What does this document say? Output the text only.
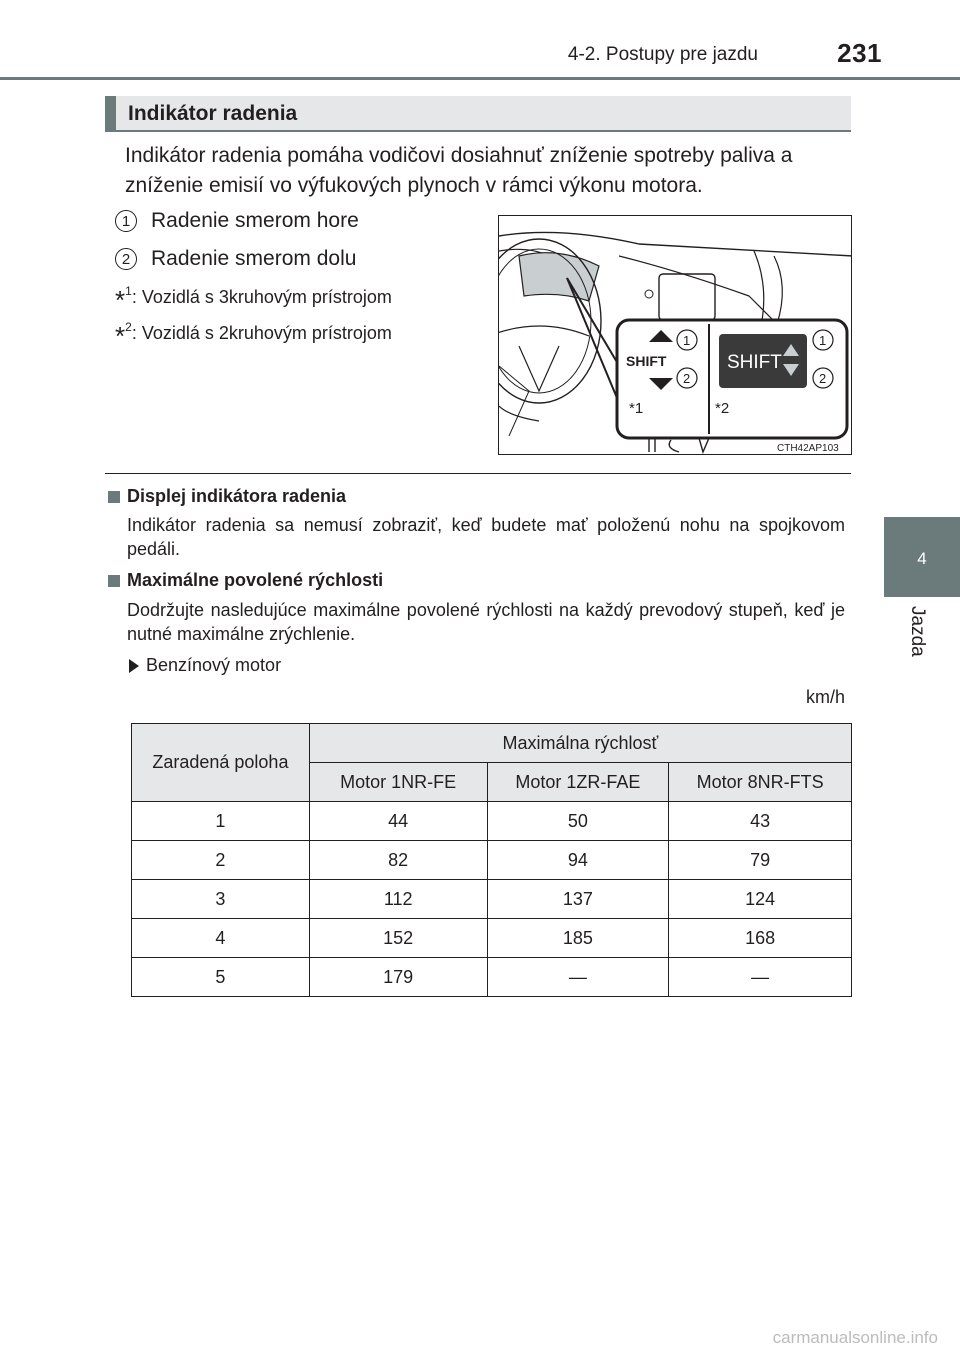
4-2. Postupy pre jazdu	231
4
Jazda
Indikátor radenia

Indikátor radenia pomáha vodičovi dosiahnuť zníženie spotreby paliva a zníženie emisií vo výfukových plynoch v rámci výkonu motora.

1 Radenie smerom hore
2 Radenie smerom dolu
*$^1$: Vozidlá s 3kruhovým prístrojom
*$^2$: Vozidlá s 2kruhovým prístrojom
SHIFT
1
2
*1
SHIFT
1
2
*2
CTH42AP103
Displej indikátora radenia

Indikátor radenia sa nemusí zobraziť, keď budete mať položenú nohu na spojkovom pedáli.

Maximálne povolené rýchlosti

Dodržujte nasledujúce maximálne povolené rýchlosti na každý prevodový stupeň, keď je nutné maximálne zrýchlenie.

Benzínový motor
km/h
Zaradená poloha	Maximálna rýchlosť		
	Motor 1NR-FE	Motor 1ZR-FAE	Motor 8NR-FTS
1	44	50	43
2	82	94	79
3	112	137	124
4	152	185	168
5	179	—	—
carmanualsonline.info
